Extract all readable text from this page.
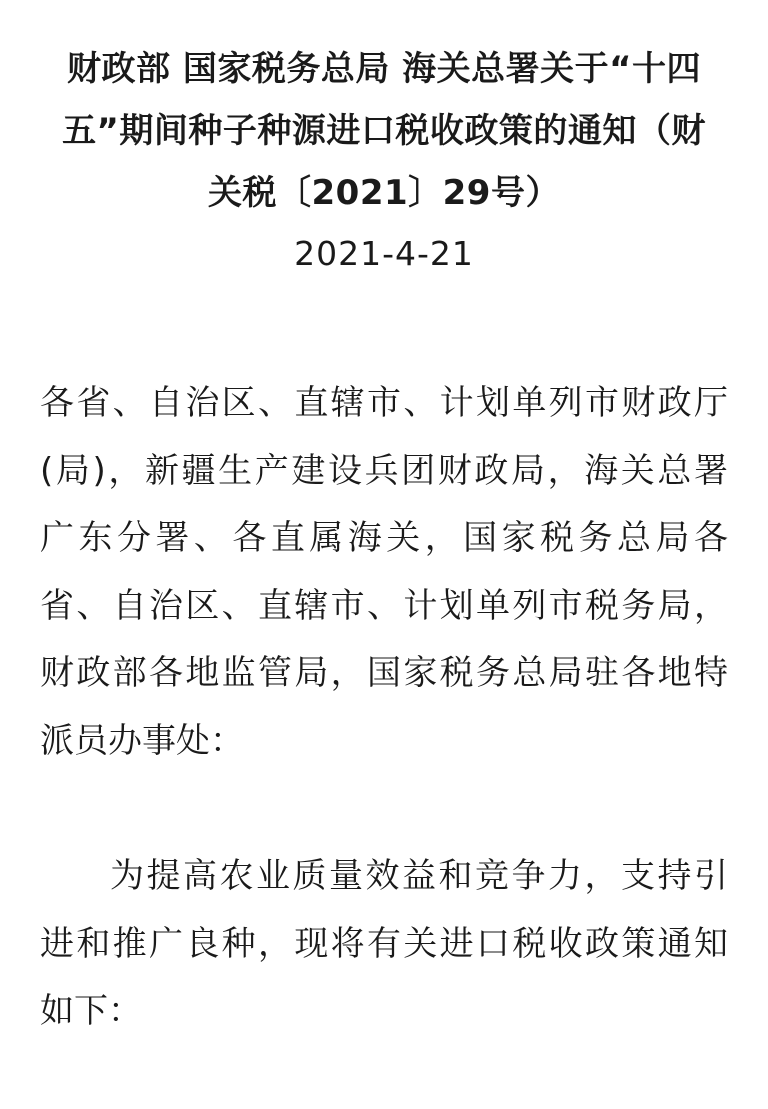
财政部 国家税务总局 海关总署关于“十四
五”期间种子种源进口税收政策的通知（财
关税〔2021〕29号）
2021-4-21

各省、自治区、直辖市、计划单列市财政厅
(局)，新疆生产建设兵团财政局，海关总署
广东分署、各直属海关，国家税务总局各
省、自治区、直辖市、计划单列市税务局，
财政部各地监管局，国家税务总局驻各地特
派员办事处：

为提高农业质量效益和竞争力，支持引
进和推广良种，现将有关进口税收政策通知
如下：
